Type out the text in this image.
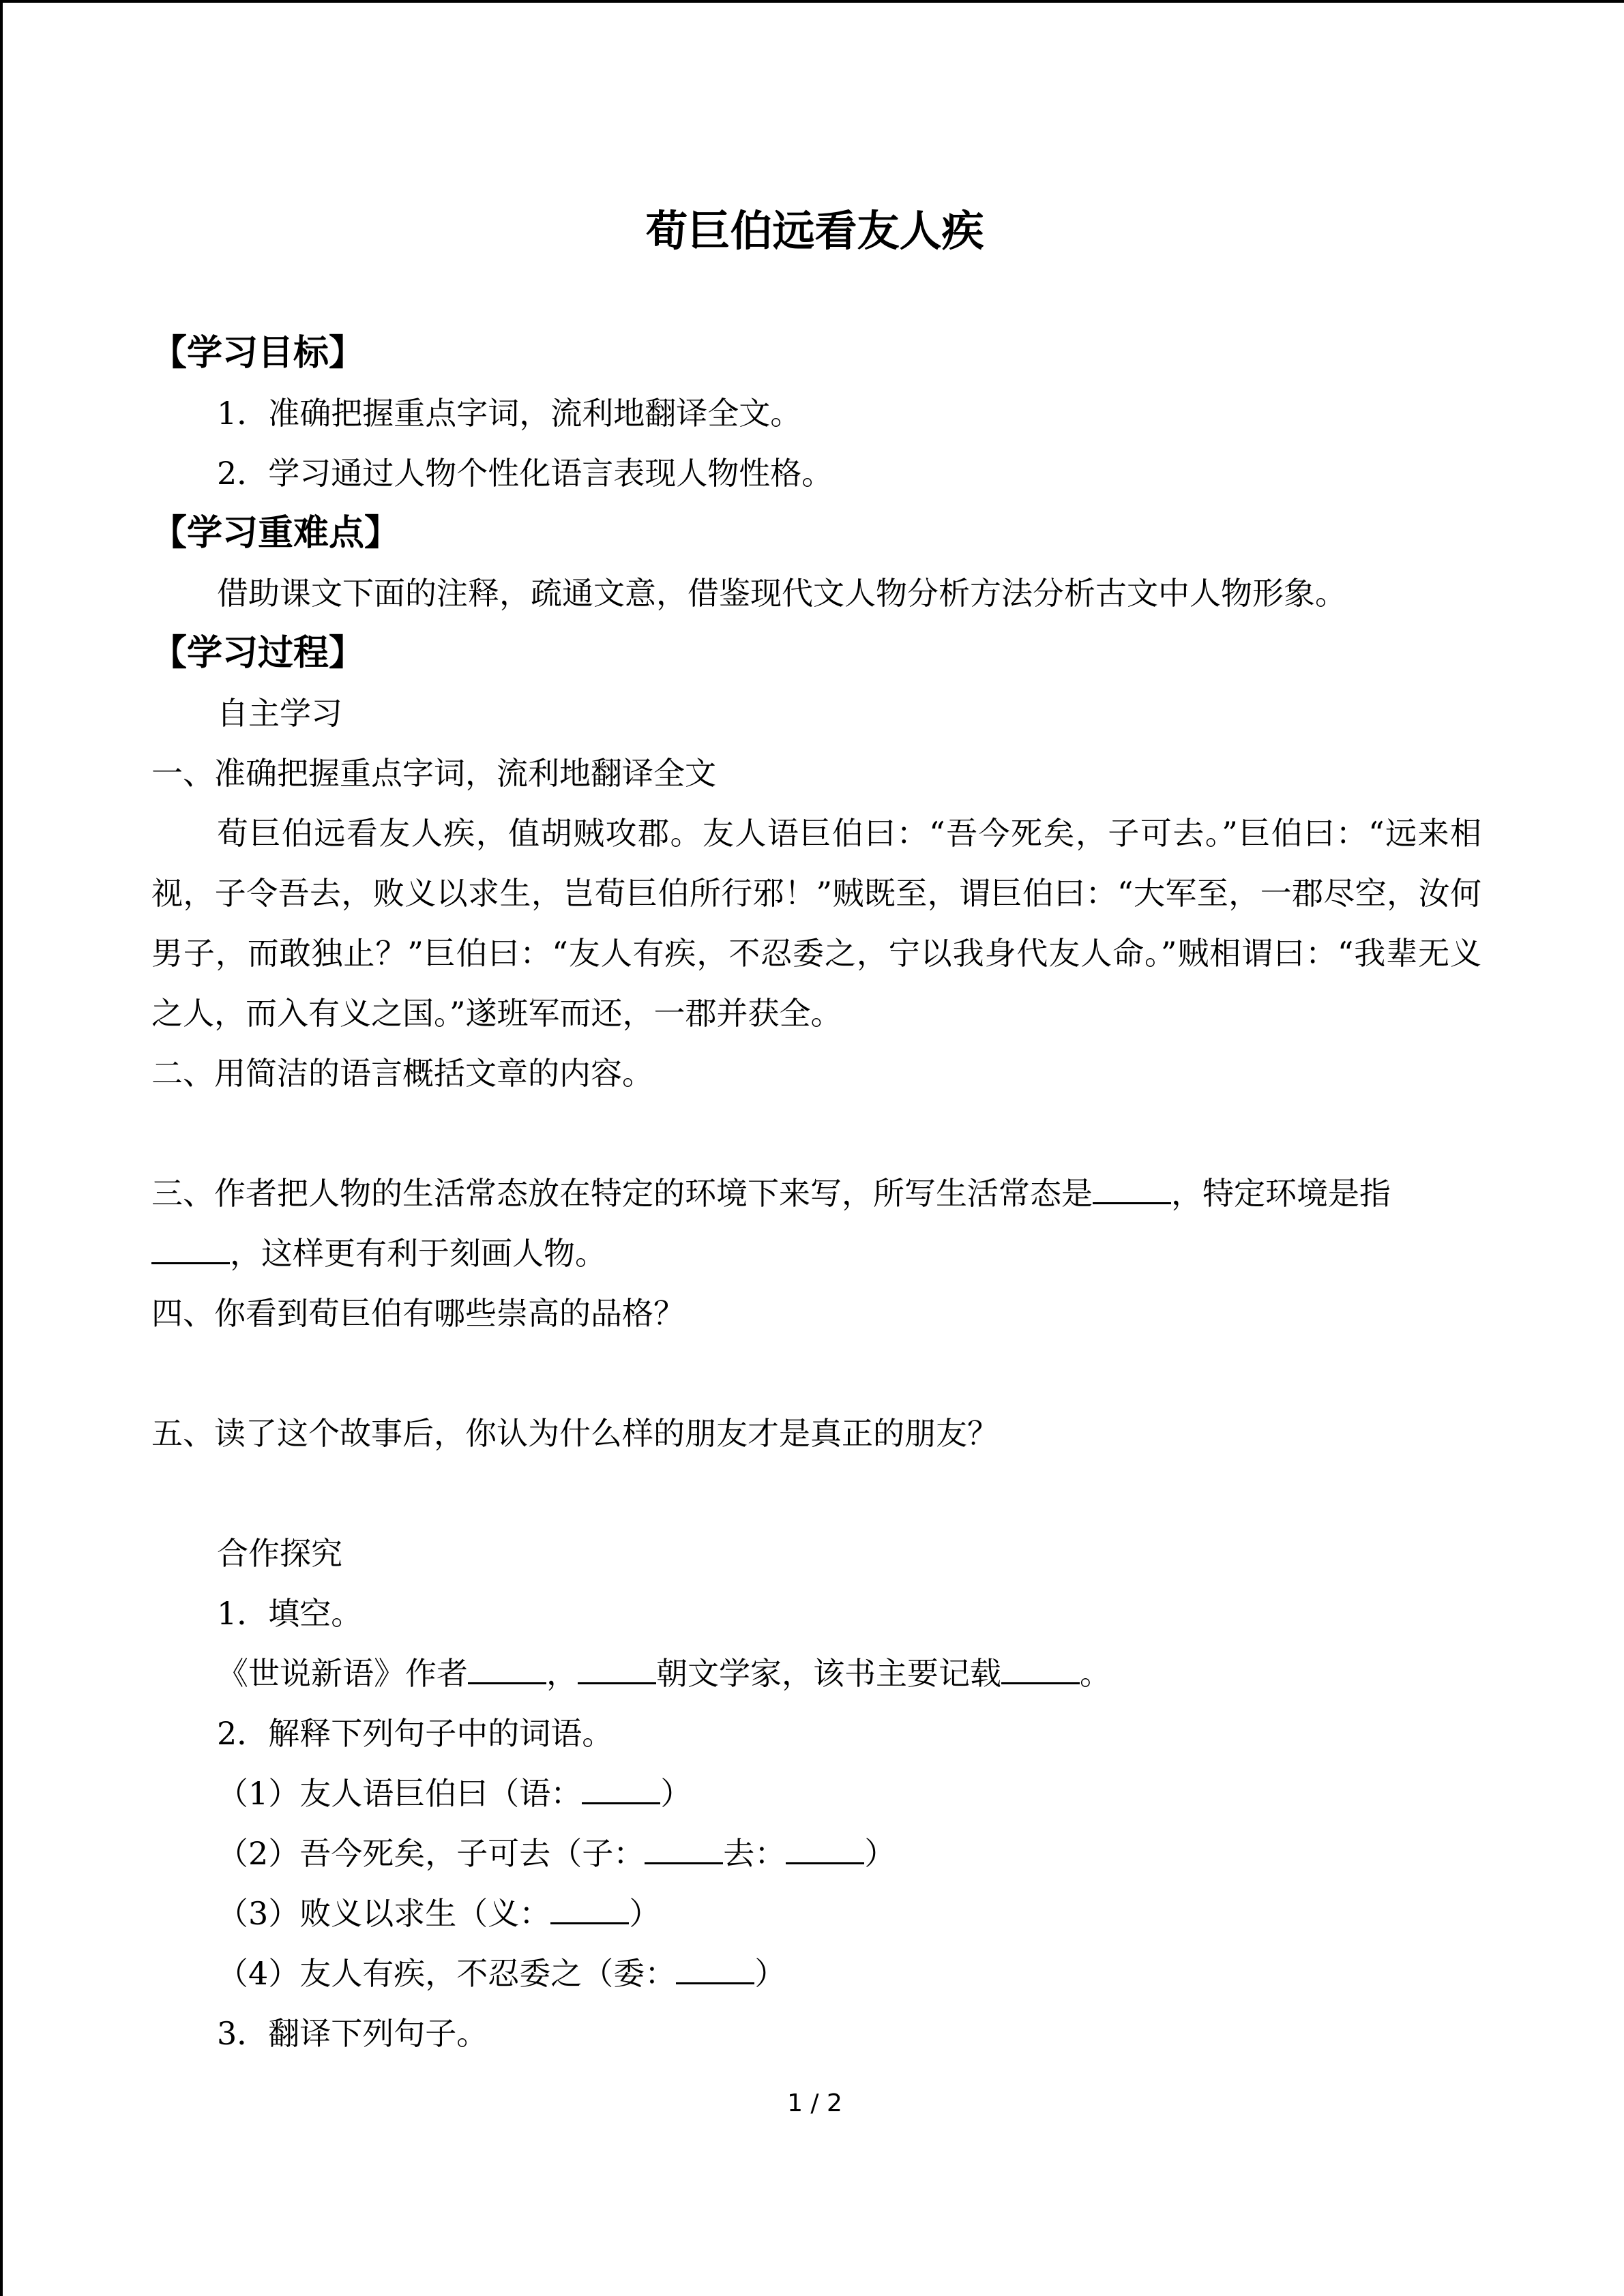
荀巨伯远看友人疾
【学习目标】
1．准确把握重点字词，流利地翻译全文。
2．学习通过人物个性化语言表现人物性格。
【学习重难点】
借助课文下面的注释，疏通文意，借鉴现代文人物分析方法分析古文中人物形象。
【学习过程】
自主学习
一、准确把握重点字词，流利地翻译全文
荀巨伯远看友人疾，值胡贼攻郡。友人语巨伯曰：“吾今死矣，子可去。”巨伯曰：“远来相视，子令吾去，败义以求生，岂荀巨伯所行邪！”贼既至，谓巨伯曰：“大军至，一郡尽空，汝何男子，而敢独止？”巨伯曰：“友人有疾，不忍委之，宁以我身代友人命。”贼相谓曰：“我辈无义之人，而入有义之国。”遂班军而还，一郡并获全。
二、用简洁的语言概括文章的内容。
三、作者把人物的生活常态放在特定的环境下来写，所写生活常态是	，特定环境是指
，这样更有利于刻画人物。
四、你看到荀巨伯有哪些崇高的品格？
五、读了这个故事后，你认为什么样的朋友才是真正的朋友？
合作探究
1．填空。
《世说新语》作者	，	朝文学家，该书主要记载	。
2．解释下列句子中的词语。
（1）友人语巨伯曰（语：	）
（2）吾今死矣，子可去（子：	去：	）
（3）败义以求生（义：	）
（4）友人有疾，不忍委之（委：	）
3．翻译下列句子。
1 / 2
